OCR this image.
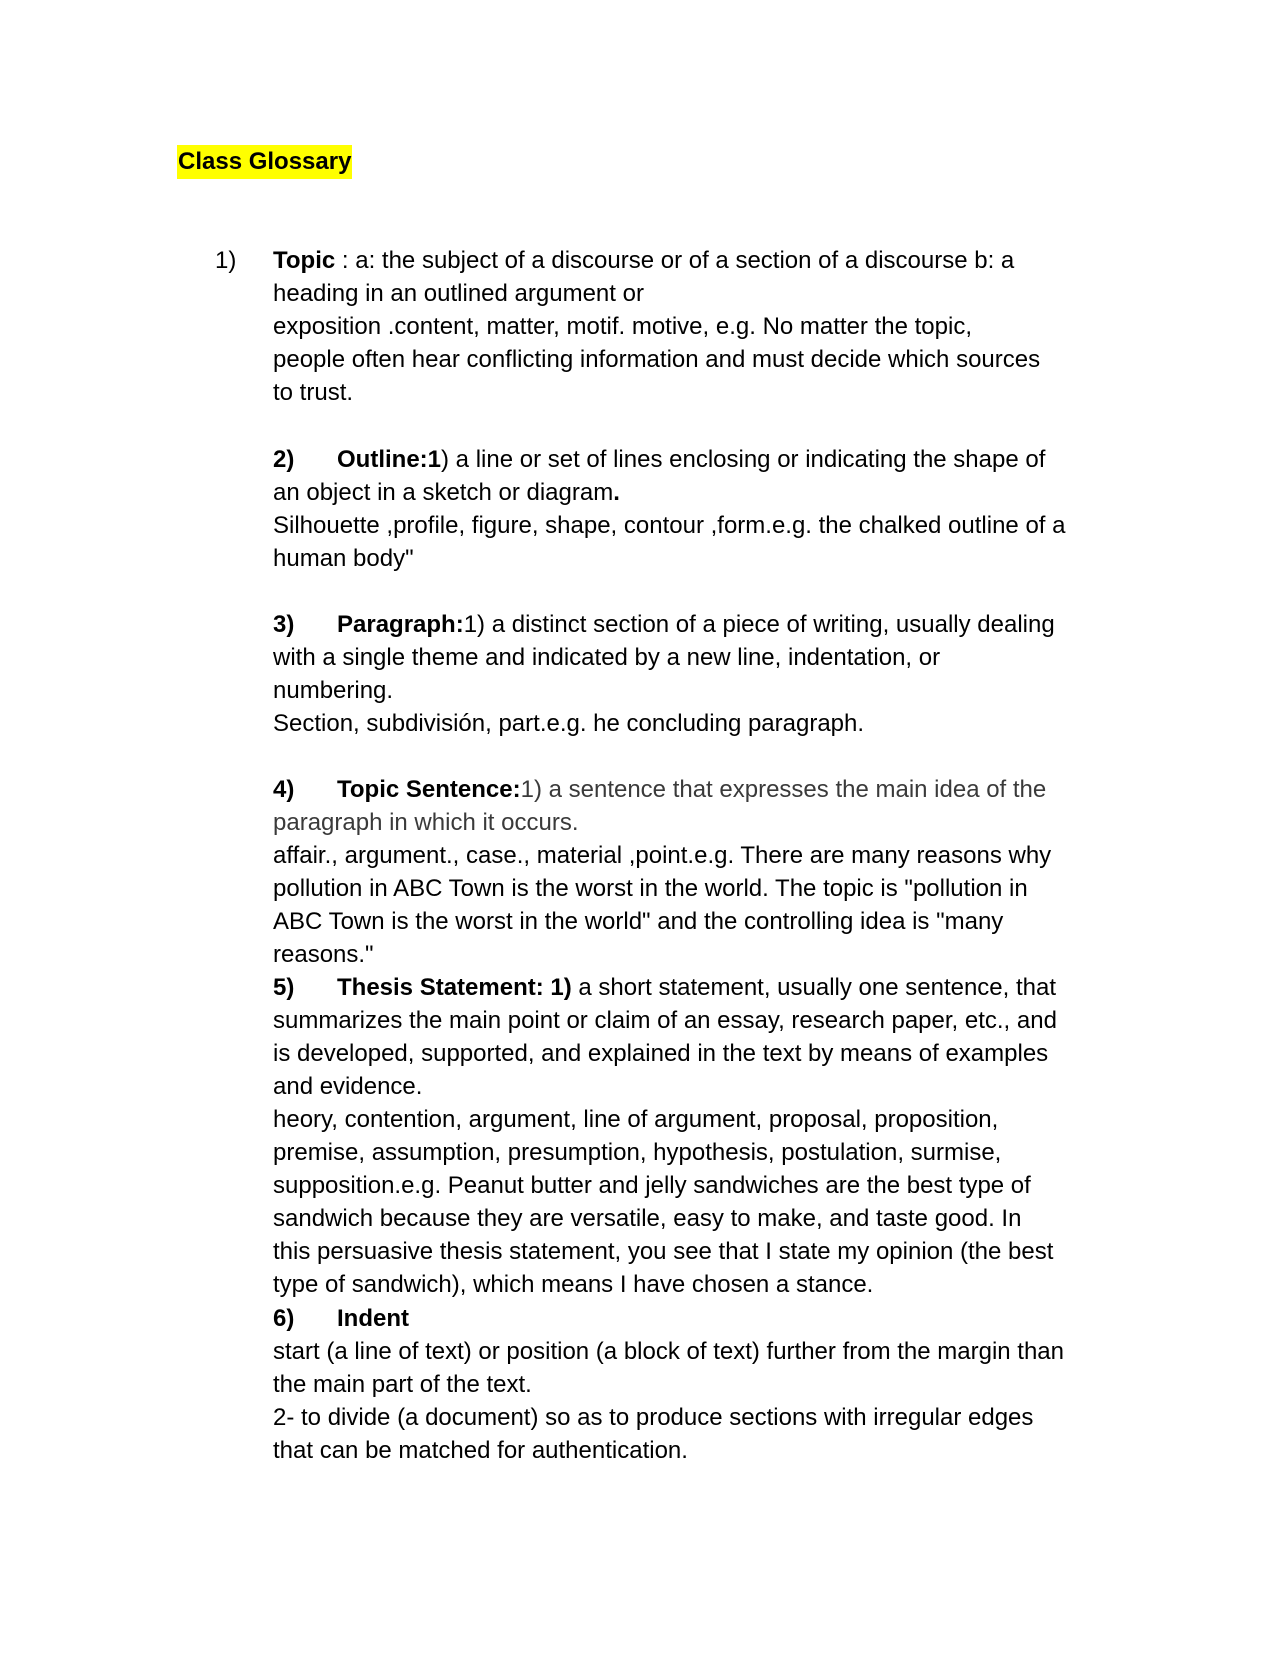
Class Glossary
1) Topic : a: the subject of a discourse or of a section of a discourse b: a
heading in an outlined argument or
exposition .content, matter, motif. motive, e.g. No matter the topic,
people often hear conflicting information and must decide which sources
to trust.
2) Outline:1) a line or set of lines enclosing or indicating the shape of
an object in a sketch or diagram.
Silhouette ,profile, figure, shape, contour ,form.e.g. the chalked outline of a
human body"
3) Paragraph:1) a distinct section of a piece of writing, usually dealing
with a single theme and indicated by a new line, indentation, or
numbering.
Section, subdivisión, part.e.g. he concluding paragraph.
4) Topic Sentence:1) a sentence that expresses the main idea of the
paragraph in which it occurs.
affair., argument., case., material ,point.e.g. There are many reasons why
pollution in ABC Town is the worst in the world. The topic is "pollution in
ABC Town is the worst in the world" and the controlling idea is "many
reasons."
5) Thesis Statement: 1) a short statement, usually one sentence, that
summarizes the main point or claim of an essay, research paper, etc., and
is developed, supported, and explained in the text by means of examples
and evidence.
heory, contention, argument, line of argument, proposal, proposition,
premise, assumption, presumption, hypothesis, postulation, surmise,
supposition.e.g. Peanut butter and jelly sandwiches are the best type of
sandwich because they are versatile, easy to make, and taste good. In
this persuasive thesis statement, you see that I state my opinion (the best
type of sandwich), which means I have chosen a stance.
6) Indent
start (a line of text) or position (a block of text) further from the margin than
the main part of the text.
2- to divide (a document) so as to produce sections with irregular edges
that can be matched for authentication.
